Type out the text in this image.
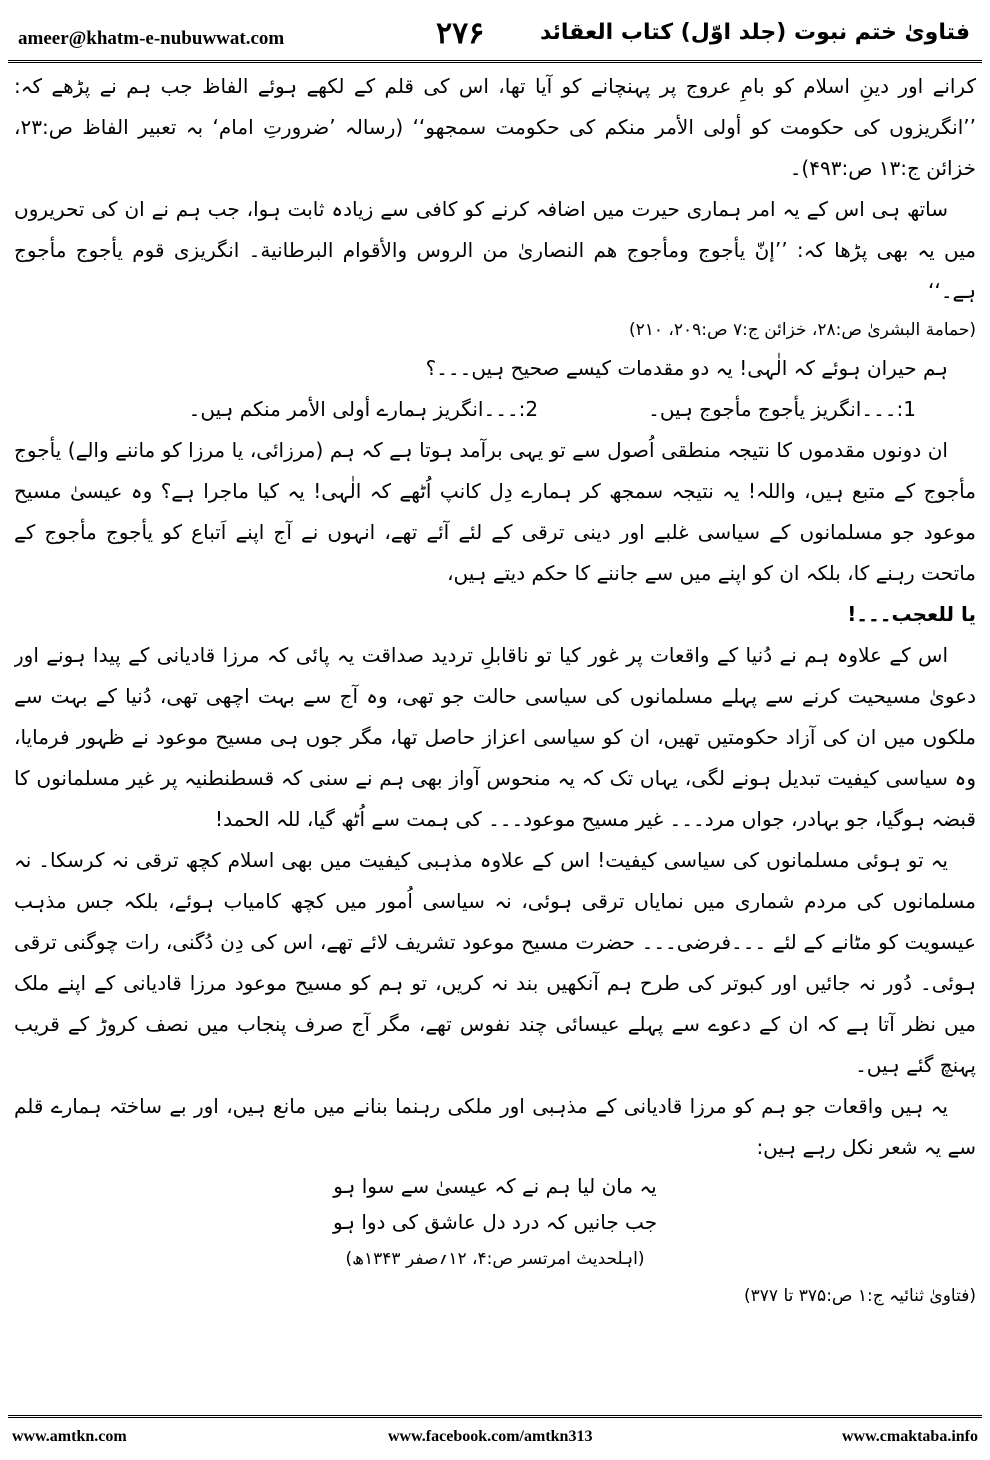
ameer@khatm-e-nubuwwat.com	۲۷۶	فتاویٰ ختم نبوت (جلد اوّل) کتاب العقائد

کرانے اور دینِ اسلام کو بامِ عروج پر پہنچانے کو آیا تھا، اس کی قلم کے لکھے ہوئے الفاظ جب ہم نے پڑھے کہ: ’’انگریزوں کی حکومت کو أولی الأمر منکم کی حکومت سمجھو‘‘ (رسالہ ’ضرورتِ امام‘ بہ تعبیر الفاظ ص:۲۳، خزائن ج:۱۳ ص:۴۹۳)۔

ساتھ ہی اس کے یہ امر ہماری حیرت میں اضافہ کرنے کو کافی سے زیادہ ثابت ہوا، جب ہم نے ان کی تحریروں میں یہ بھی پڑھا کہ: ’’إنّ یأجوج ومأجوج ھم النصاریٰ من الروس والأقوام البرطانیة۔ انگریزی قوم یأجوج مأجوج ہے۔‘‘

(حمامة البشریٰ ص:۲۸، خزائن ج:۷ ص:۲۰۹، ۲۱۰)

ہم حیران ہوئے کہ الٰہی! یہ دو مقدمات کیسے صحیح ہیں۔۔۔؟

1:۔۔۔انگریز یأجوج مأجوج ہیں۔
2:۔۔۔انگریز ہمارے أولی الأمر منکم ہیں۔

ان دونوں مقدموں کا نتیجہ منطقی اُصول سے تو یہی برآمد ہوتا ہے کہ ہم (مرزائی، یا مرزا کو ماننے والے) یأجوج مأجوج کے متبع ہیں، واللہ! یہ نتیجہ سمجھ کر ہمارے دِل کانپ اُٹھے کہ الٰہی! یہ کیا ماجرا ہے؟ وہ عیسیٰ مسیح موعود جو مسلمانوں کے سیاسی غلبے اور دینی ترقی کے لئے آئے تھے، انہوں نے آج اپنے اَتباع کو یأجوج مأجوج کے ماتحت رہنے کا، بلکہ ان کو اپنے میں سے جاننے کا حکم دیتے ہیں،

یا للعجب۔۔۔!

اس کے علاوہ ہم نے دُنیا کے واقعات پر غور کیا تو ناقابلِ تردید صداقت یہ پائی کہ مرزا قادیانی کے پیدا ہونے اور دعویٰ مسیحیت کرنے سے پہلے مسلمانوں کی سیاسی حالت جو تھی، وہ آج سے بہت اچھی تھی، دُنیا کے بہت سے ملکوں میں ان کی آزاد حکومتیں تھیں، ان کو سیاسی اعزاز حاصل تھا، مگر جوں ہی مسیح موعود نے ظہور فرمایا، وہ سیاسی کیفیت تبدیل ہونے لگی، یہاں تک کہ یہ منحوس آواز بھی ہم نے سنی کہ قسطنطنیہ پر غیر مسلمانوں کا قبضہ ہوگیا، جو بہادر، جواں مرد۔۔۔ غیر مسیح موعود۔۔۔ کی ہمت سے اُٹھ گیا، للہ الحمد!

یہ تو ہوئی مسلمانوں کی سیاسی کیفیت! اس کے علاوہ مذہبی کیفیت میں بھی اسلام کچھ ترقی نہ کرسکا۔ نہ مسلمانوں کی مردم شماری میں نمایاں ترقی ہوئی، نہ سیاسی اُمور میں کچھ کامیاب ہوئے، بلکہ جس مذہب عیسویت کو مٹانے کے لئے ۔۔۔فرضی۔۔۔ حضرت مسیح موعود تشریف لائے تھے، اس کی دِن دُگنی، رات چوگنی ترقی ہوئی۔ دُور نہ جائیں اور کبوتر کی طرح ہم آنکھیں بند نہ کریں، تو ہم کو مسیح موعود مرزا قادیانی کے اپنے ملک میں نظر آتا ہے کہ ان کے دعوے سے پہلے عیسائی چند نفوس تھے، مگر آج صرف پنجاب میں نصف کروڑ کے قریب پہنچ گئے ہیں۔

یہ ہیں واقعات جو ہم کو مرزا قادیانی کے مذہبی اور ملکی رہنما بنانے میں مانع ہیں، اور بے ساختہ ہمارے قلم سے یہ شعر نکل رہے ہیں:

یہ مان لیا ہم نے کہ عیسیٰ سے سوا ہو

جب جانیں کہ درد دل عاشق کی دوا ہو

(اہلحدیث امرتسر ص:۴، ۱۲؍صفر ۱۳۴۳ھ)

(فتاویٰ ثنائیہ ج:۱ ص:۳۷۵ تا ۳۷۷)

www.amtkn.com	www.facebook.com/amtkn313	www.cmaktaba.info
